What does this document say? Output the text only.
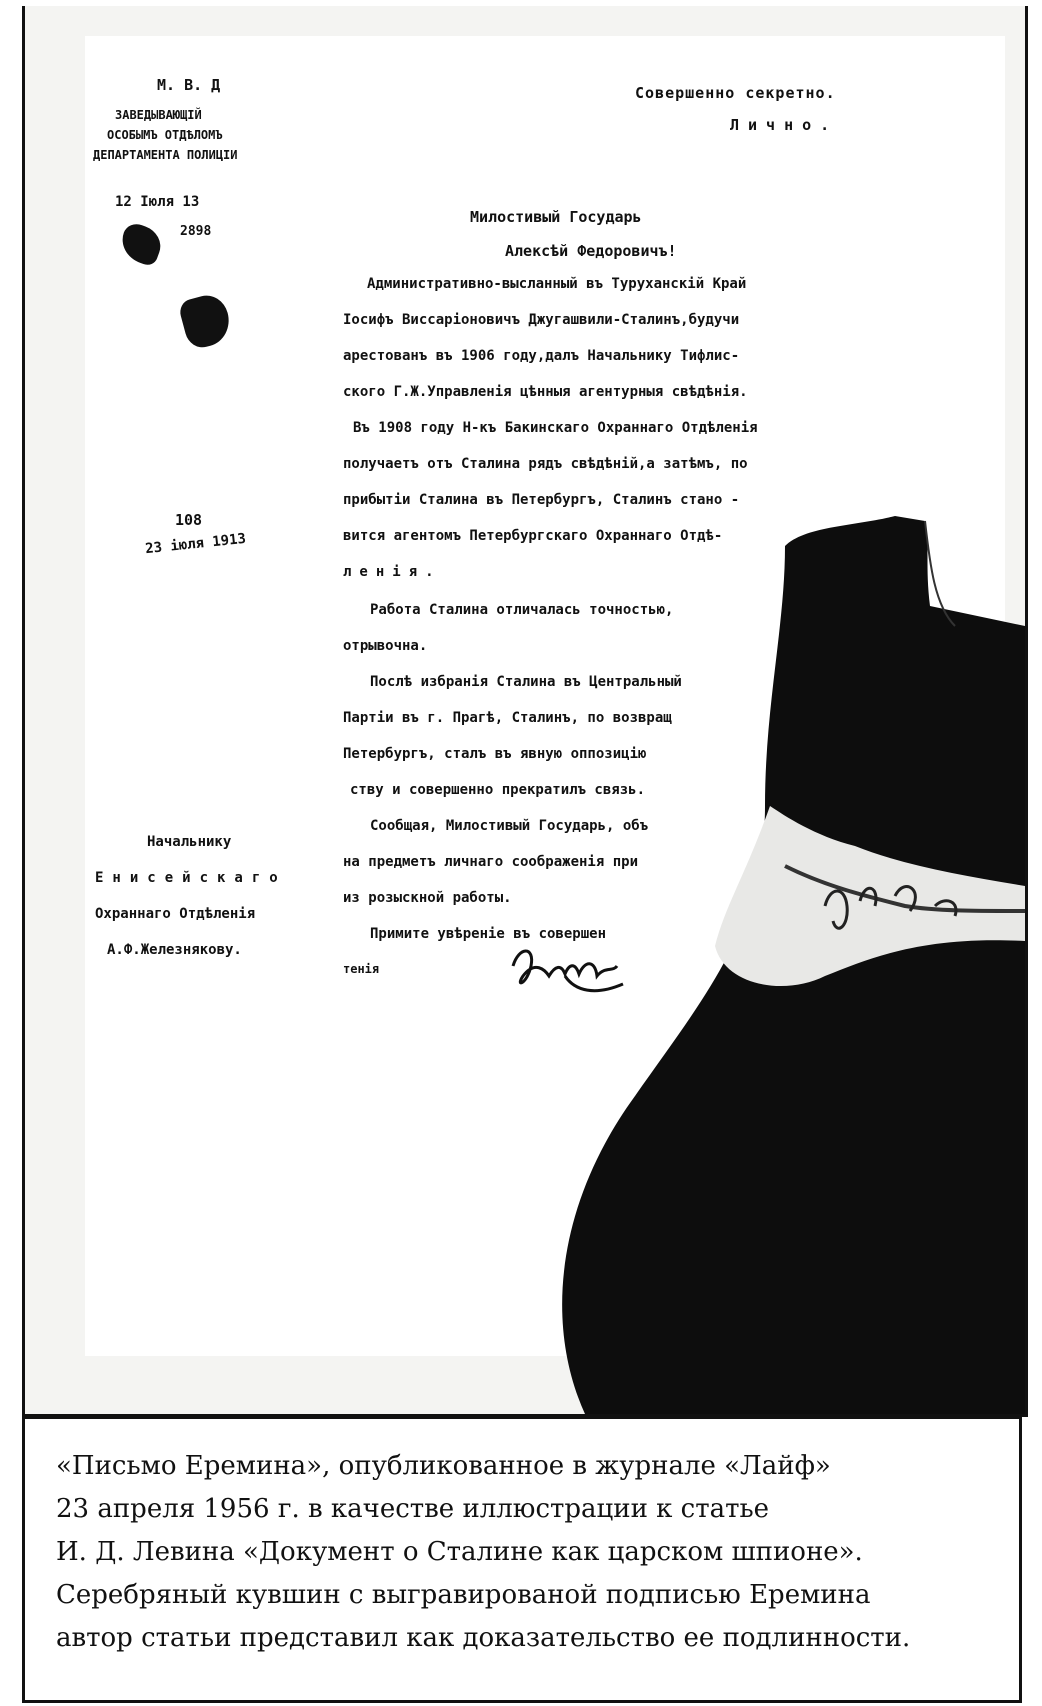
М. В. Д
ЗАВЕДЫВАЮЩІЙ
ОСОБЫМЪ ОТДѢЛОМЪ
ДЕПАРТАМЕНТА ПОЛИЦІИ
12 Іюля 13
2898
Совершенно секретно.
Лично.
Милостивый Государь
Алексѣй Федоровичъ!
Административно-высланный въ Туруханскій Край
Іосифъ Виссаріоновичъ Джугашвили-Сталинъ,будучи
арестованъ въ 1906 году,далъ Начальнику Тифлис-
ского Г.Ж.Управленія цѣнныя агентурныя свѣдѣнія.
Въ 1908 году Н-къ Бакинскаго Охраннаго Отдѣленія
получаетъ отъ Сталина рядъ свѣдѣній,а затѣмъ, по
прибытіи Сталина въ Петербургъ, Сталинъ стано -
вится агентомъ Петербургскаго Охраннаго Отдѣ-
ленія.
Работа Сталина отличалась точностью,
отрывочна.
Послѣ избранія Сталина въ Центральный
Партіи въ г. Прагѣ, Сталинъ, по возвращ
Петербургъ, сталъ въ явную оппозицію
ству и совершенно прекратилъ связь.
Сообщая, Милостивый Государь, объ
на предметъ личнаго соображенія при
из розыскной работы.
Примите увѣреніе въ совершен
тенія
108
23 іюля 1913
Начальнику
Енисейскаго
Охраннаго Отдѣленія
А.Ф.Железнякову.
«Письмо Еремина», опубликованное в журнале «Лайф»
23 апреля 1956 г. в качестве иллюстрации к статье
И. Д. Левина «Документ о Сталине как царском шпионе».
Серебряный кувшин с выгравированой подписью Еремина
автор статьи представил как доказательство ее подлинности.
